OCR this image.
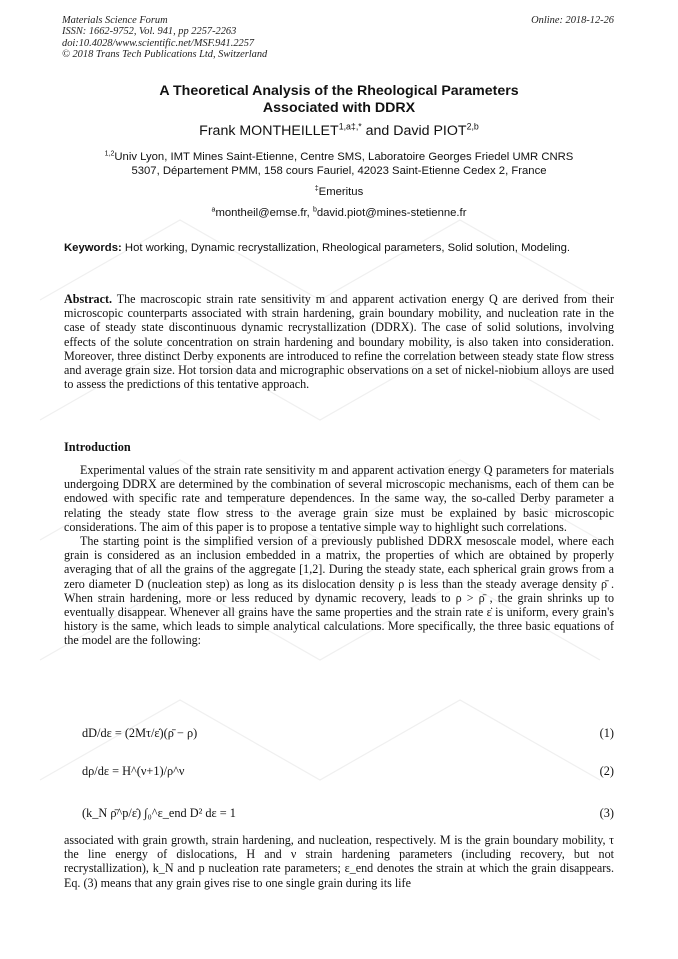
Materials Science Forum
ISSN: 1662-9752, Vol. 941, pp 2257-2263
doi:10.4028/www.scientific.net/MSF.941.2257
© 2018 Trans Tech Publications Ltd, Switzerland
Online: 2018-12-26
A Theoretical Analysis of the Rheological Parameters
Associated with DDRX
Frank $MONTHEILLET^{1,a\ddagger,*}$ and David PIOT$^{2,b}$
$^{1,2}$Univ Lyon, IMT Mines Saint-Etienne, Centre SMS, Laboratoire Georges Friedel UMR CNRS
5307, Département PMM, 158 cours Fauriel, 42023 Saint-Etienne Cedex 2, France
‡Emeritus
$^a$montheil@emse.fr, $^b$david.piot@mines-stetienne.fr
Keywords: Hot working, Dynamic recrystallization, Rheological parameters, Solid solution, Modeling.

Abstract. The macroscopic strain rate sensitivity m and apparent activation energy Q are derived from their microscopic counterparts associated with strain hardening, grain boundary mobility, and nucleation rate in the case of steady state discontinuous dynamic recrystallization (DDRX). The case of solid solutions, involving effects of the solute concentration on strain hardening and boundary mobility, is also taken into consideration. Moreover, three distinct Derby exponents are introduced to refine the correlation between steady state flow stress and average grain size. Hot torsion data and micrographic observations on a set of nickel-niobium alloys are used to assess the predictions of this tentative approach.

Introduction

Experimental values of the strain rate sensitivity m and apparent activation energy Q parameters for materials undergoing DDRX are determined by the combination of several microscopic mechanisms, each of them can be endowed with specific rate and temperature dependences. In the same way, the so-called Derby parameter a relating the steady state flow stress to the average grain size must be explained by basic microscopic considerations. The aim of this paper is to propose a tentative simple way to highlight such correlations.

The starting point is the simplified version of a previously published DDRX mesoscale model, where each grain is considered as an inclusion embedded in a matrix, the properties of which are obtained by properly averaging that of all the grains of the aggregate [1,2]. During the steady state, each spherical grain grows from a zero diameter D (nucleation step) as long as its dislocation density ρ is less than the steady average density ρ̄ . When strain hardening, more or less reduced by dynamic recovery, leads to ρ > ρ̄ , the grain shrinks up to eventually disappear. Whenever all grains have the same properties and the strain rate ε̇ is uniform, every grain's history is the same, which leads to simple analytical calculations. More specifically, the three basic equations of the model are the following:

dD/dε = (2Mτ/ε̇)(ρ̄ − ρ)	(1)
dρ/dε = H^(ν+1)/ρ^ν	(2)
(k_N ρ̄^p/ε̇) ∫₀^ε_end D² dε = 1	(3)

associated with grain growth, strain hardening, and nucleation, respectively. M is the grain boundary mobility, τ the line energy of dislocations, H and ν strain hardening parameters (including recovery, but not recrystallization), k_N and p nucleation rate parameters; ε_end denotes the strain at which the grain disappears. Eq. (3) means that any grain gives rise to one single grain during its life
